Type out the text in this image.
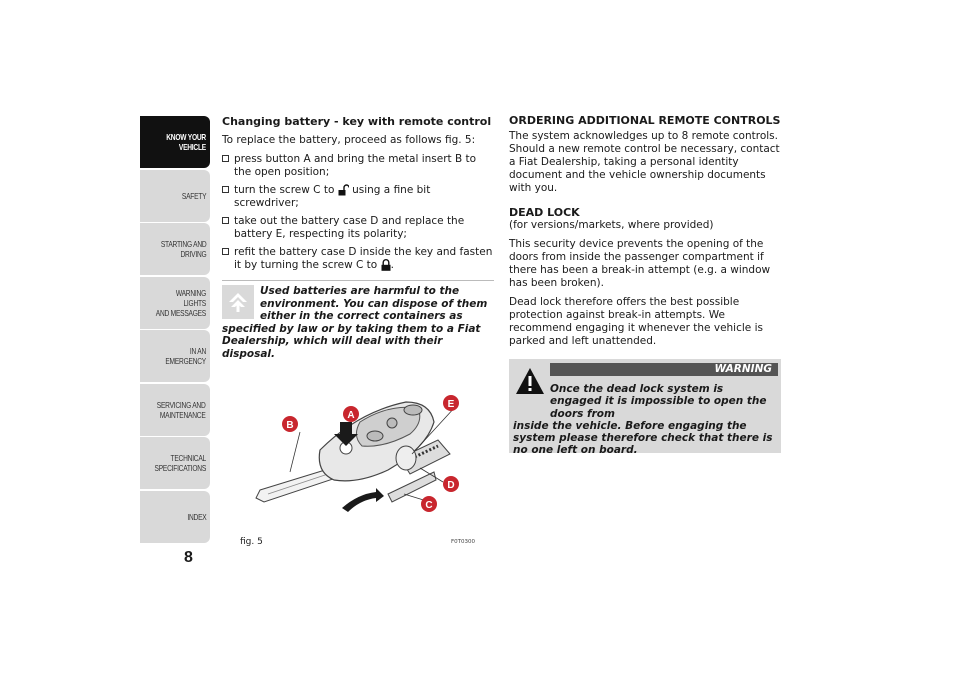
KNOW YOUR
VEHICLE
SAFETY
STARTING AND
DRIVING
WARNING LIGHTS
AND MESSAGES
IN AN EMERGENCY
SERVICING AND
MAINTENANCE
TECHNICAL
SPECIFICATIONS
INDEX
8
Changing battery - key with remote control
To replace the battery, proceed as follows fig. 5:
press button A and bring the metal insert B to the open position;
turn the screw C to using a fine bit screwdriver;
take out the battery case D and replace the battery E, respecting its polarity;
refit the battery case D inside the key and fasten it by turning the screw C to .
Used batteries are harmful to the environment. You can dispose of them either in the correct containers as specified by law or by taking them to a Fiat Dealership, which will deal with their disposal.
A
B
E
D
C
fig. 5	F0T0300
ORDERING ADDITIONAL REMOTE CONTROLS
The system acknowledges up to 8 remote controls. Should a new remote control be necessary, contact a Fiat Dealership, taking a personal identity document and the vehicle ownership documents with you.
DEAD LOCK
(for versions/markets, where provided)
This security device prevents the opening of the doors from inside the passenger compartment if there has been a break-in attempt (e.g. a window has been broken).
Dead lock therefore offers the best possible protection against break-in attempts. We recommend engaging it whenever the vehicle is parked and left unattended.
WARNING
Once the dead lock system is engaged it is impossible to open the doors from
inside the vehicle. Before engaging the system please therefore check that there is no one left on board.
